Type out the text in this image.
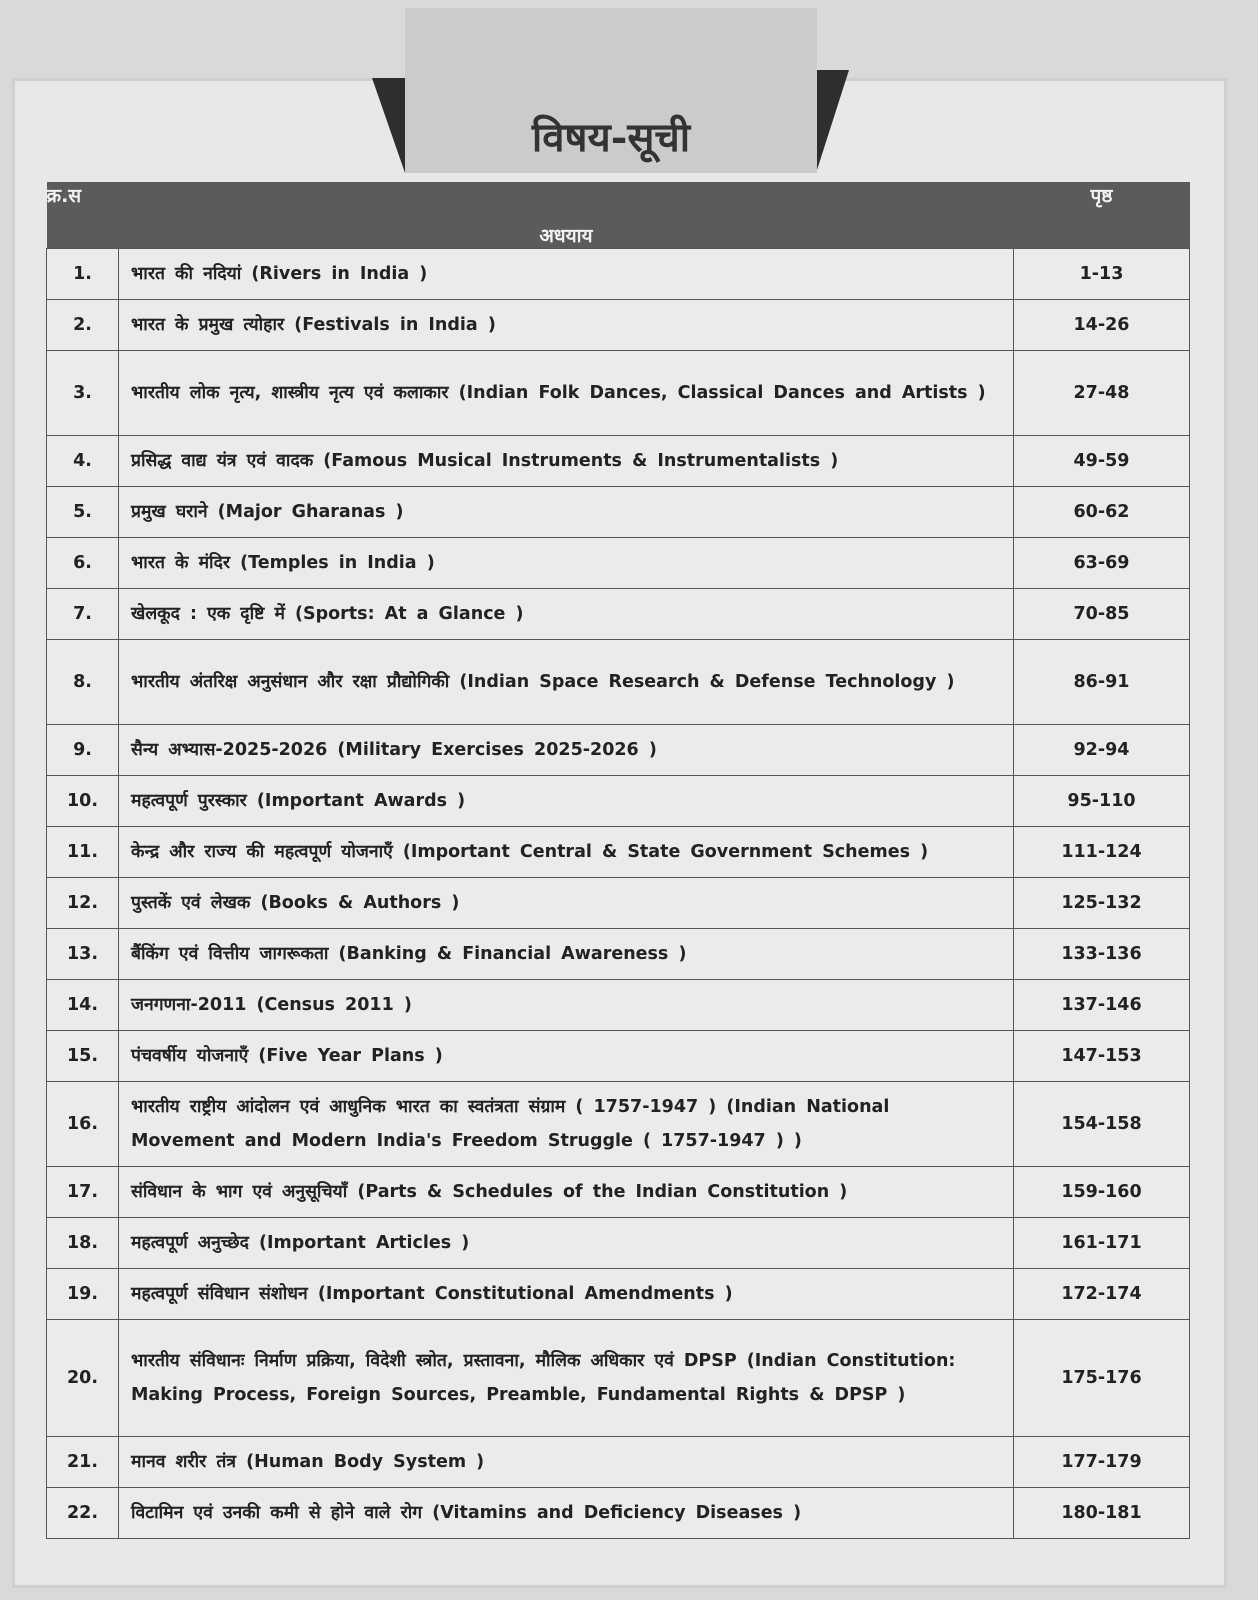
विषय-सूची
क्र.स	अधयाय	पृष्ठ
1.	भारत की नदियां (Rivers in India )	1-13
2.	भारत के प्रमुख त्योहार (Festivals in India )	14-26
3.	भारतीय लोक नृत्य, शास्त्रीय नृत्य एवं कलाकार (Indian Folk Dances, Classical Dances and Artists )	27-48
4.	प्रसिद्ध वाद्य यंत्र एवं वादक (Famous Musical Instruments & Instrumentalists )	49-59
5.	प्रमुख घराने (Major Gharanas )	60-62
6.	भारत के मंदिर (Temples in India )	63-69
7.	खेलकूद : एक दृष्टि में (Sports: At a Glance )	70-85
8.	भारतीय अंतरिक्ष अनुसंधान और रक्षा प्रौद्योगिकी (Indian Space Research & Defense Technology )	86-91
9.	सैन्य अभ्यास-2025-2026 (Military Exercises 2025-2026 )	92-94
10.	महत्वपूर्ण पुरस्कार (Important Awards )	95-110
11.	केन्द्र और राज्य की महत्वपूर्ण योजनाएँ (Important Central & State Government Schemes )	111-124
12.	पुस्तकें एवं लेखक (Books & Authors )	125-132
13.	बैंकिंग एवं वित्तीय जागरूकता (Banking & Financial Awareness )	133-136
14.	जनगणना-2011 (Census 2011 )	137-146
15.	पंचवर्षीय योजनाएँ (Five Year Plans )	147-153
16.	भारतीय राष्ट्रीय आंदोलन एवं आधुनिक भारत का स्वतंत्रता संग्राम ( 1757-1947 ) (Indian National Movement and Modern India's Freedom Struggle ( 1757-1947 ) )	154-158
17.	संविधान के भाग एवं अनुसूचियाँ (Parts & Schedules of the Indian Constitution )	159-160
18.	महत्वपूर्ण अनुच्छेद (Important Articles )	161-171
19.	महत्वपूर्ण संविधान संशोधन (Important Constitutional Amendments )	172-174
20.	भारतीय संविधानः निर्माण प्रक्रिया, विदेशी स्त्रोत, प्रस्तावना, मौलिक अधिकार एवं DPSP (Indian Constitution: Making Process, Foreign Sources, Preamble, Fundamental Rights & DPSP )	175-176
21.	मानव शरीर तंत्र (Human Body System )	177-179
22.	विटामिन एवं उनकी कमी से होने वाले रोग (Vitamins and Deficiency Diseases )	180-181
